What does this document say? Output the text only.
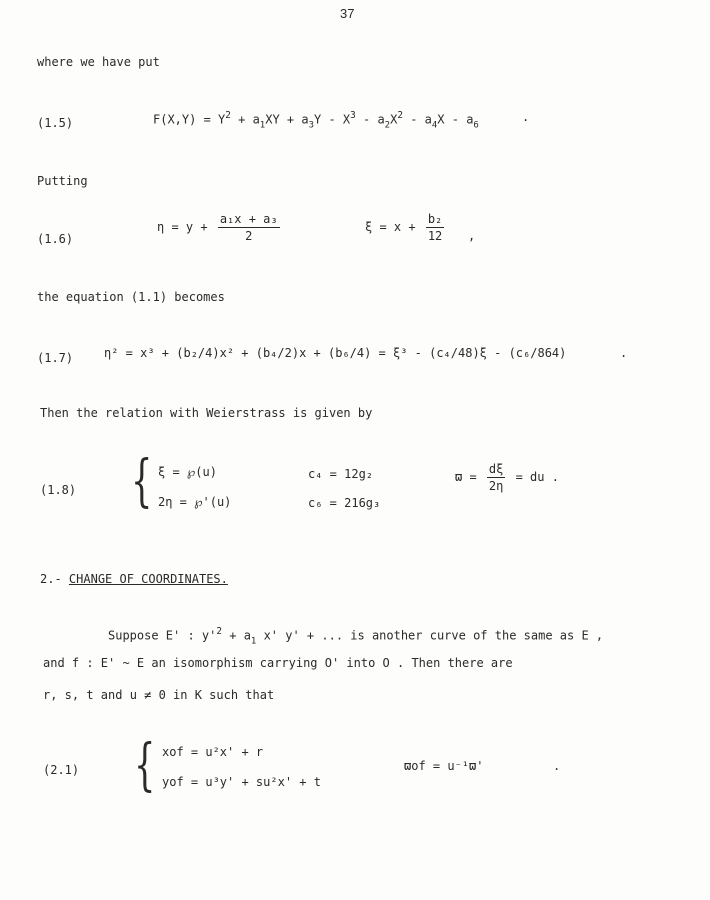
37
where we have put
(1.5)	$F(X,Y) = Y^2 + a_1XY + a_3Y - X^3 - a_2X^2 - a_4X - a_6$
.
Putting
(1.6)
$\eta = y + \frac{\text{a₁x + a₃}}{2}$	$\xi = x + \frac{\text{b₂}}{12}$ ,
the equation (1.1) becomes
(1.7)	η² = x³ + (b₂/4)x² + (b₄/2)x + (b₆/4) = ξ³ - (c₄/48)ξ - (c₆/864)	.
Then the relation with Weierstrass is given by
(1.8) { ξ = ℘(u)
2η = ℘'(u)
c₄ = 12g₂
c₆ = 216g₃
$ϖ = \frac{d\xi}{2\eta}$ = du .
2.- CHANGE OF COORDINATES.
Suppose E' : $y'^2 + a_1$ x' y' + ... is another curve of the same as E ,
and f : E' ~ E an isomorphism carrying O' into O . Then there are
r, s, t and u ≠ 0 in K such that
(2.1) { xof = u²x' + r
yof = u³y' + su²x' + t
ϖof = u⁻¹ϖ'	.
